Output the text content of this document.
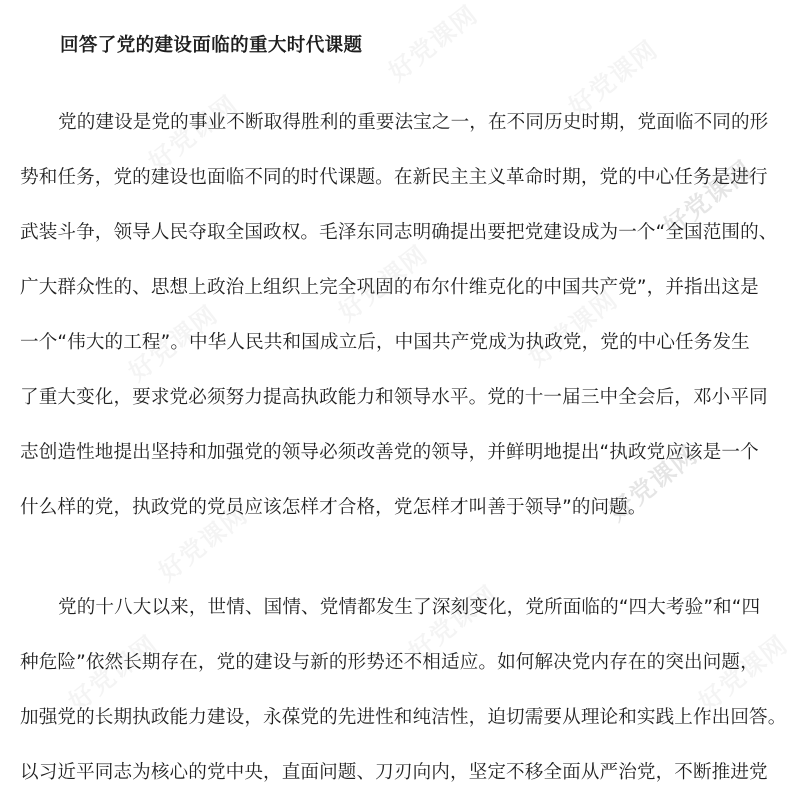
好党课网
好党课网
回答了党的建设面临的重大时代课题
党的建设是党的事业不断取得胜利的重要法宝之一，在不同历史时期，党面临不同的形
势和任务，党的建设也面临不同的时代课题。在新民主主义革命时期，党的中心任务是进行
武装斗争，领导人民夺取全国政权。毛泽东同志明确提出要把党建设成为一个“全国范围的、
广大群众性的、思想上政治上组织上完全巩固的布尔什维克化的中国共产党”，并指出这是
一个“伟大的工程”。中华人民共和国成立后，中国共产党成为执政党，党的中心任务发生
了重大变化，要求党必须努力提高执政能力和领导水平。党的十一届三中全会后，邓小平同
志创造性地提出坚持和加强党的领导必须改善党的领导，并鲜明地提出“执政党应该是一个
什么样的党，执政党的党员应该怎样才合格，党怎样才叫善于领导”的问题。
党的十八大以来，世情、国情、党情都发生了深刻变化，党所面临的“四大考验”和“四
种危险”依然长期存在，党的建设与新的形势还不相适应。如何解决党内存在的突出问题，
加强党的长期执政能力建设，永葆党的先进性和纯洁性，迫切需要从理论和实践上作出回答。
以习近平同志为核心的党中央，直面问题、刀刃向内，坚定不移全面从严治党，不断推进党
